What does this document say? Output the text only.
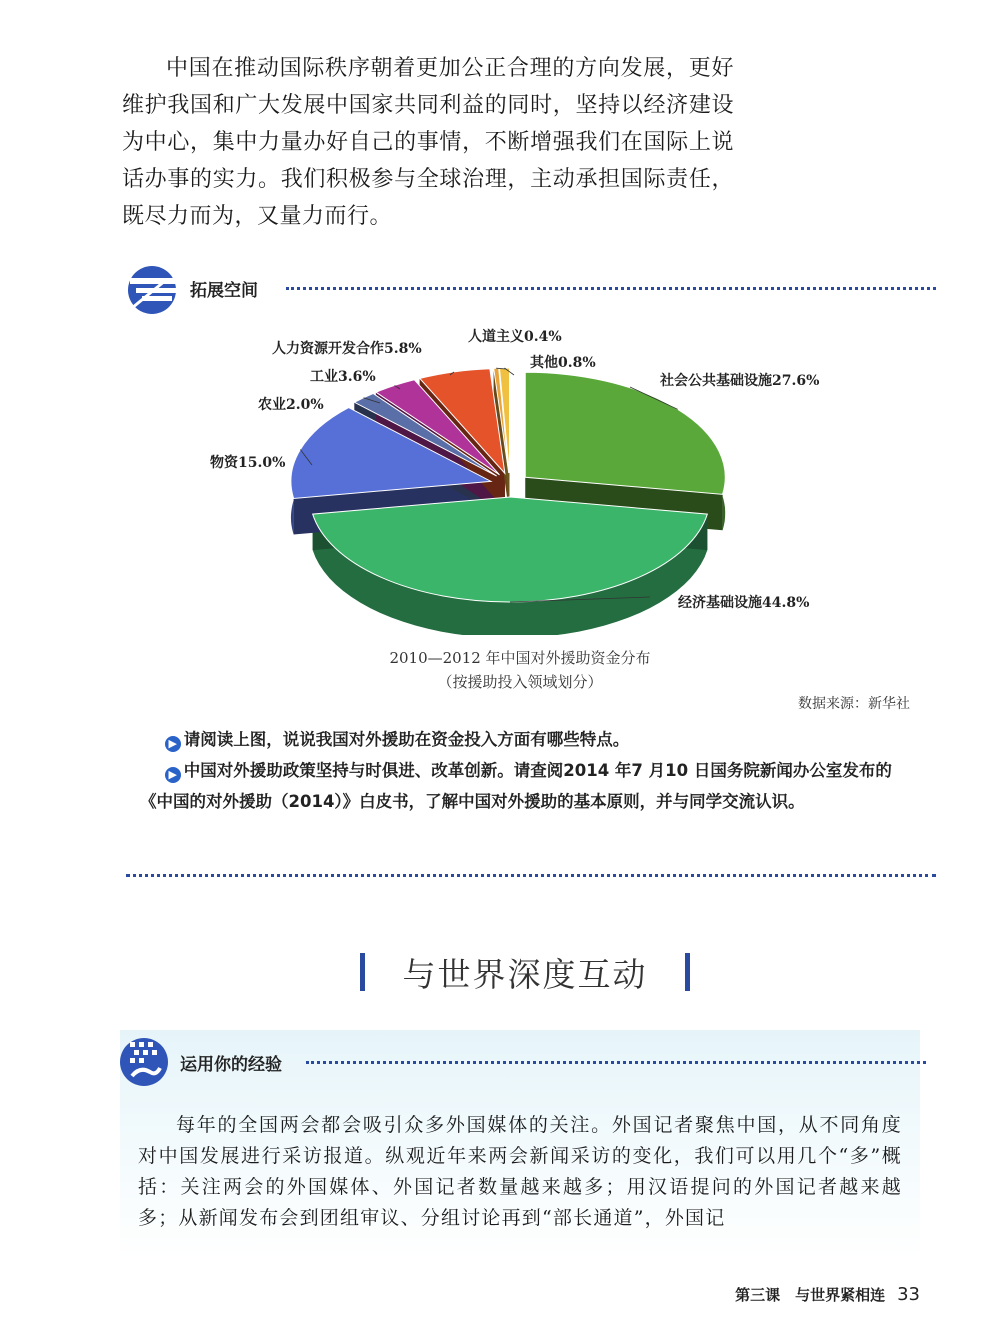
中国在推动国际秩序朝着更加公正合理的方向发展，更好维护我国和广大发展中国家共同利益的同时，坚持以经济建设为中心，集中力量办好自己的事情，不断增强我们在国际上说话办事的实力。我们积极参与全球治理，主动承担国际责任，既尽力而为，又量力而行。
拓展空间
社会公共基础设施27.6%
经济基础设施44.8%
物资15.0%
农业2.0%
工业3.6%
人力资源开发合作5.8%
人道主义0.4%
其他0.8%
2010—2012 年中国对外援助资金分布
（按援助投入领域划分）
数据来源：新华社

▶ 请阅读上图，说说我国对外援助在资金投入方面有哪些特点。

▶ 中国对外援助政策坚持与时俱进、改革创新。请查阅2014 年7 月10 日国务院新闻办公室发布的《中国的对外援助（2014）》白皮书，了解中国对外援助的基本原则，并与同学交流认识。

与世界深度互动
运用你的经验
每年的全国两会都会吸引众多外国媒体的关注。外国记者聚焦中国，从不同角度对中国发展进行采访报道。纵观近年来两会新闻采访的变化，我们可以用几个“多”概括：关注两会的外国媒体、外国记者数量越来越多；用汉语提问的外国记者越来越多；从新闻发布会到团组审议、分组讨论再到“部长通道”，外国记
第三课　与世界紧相连 33
